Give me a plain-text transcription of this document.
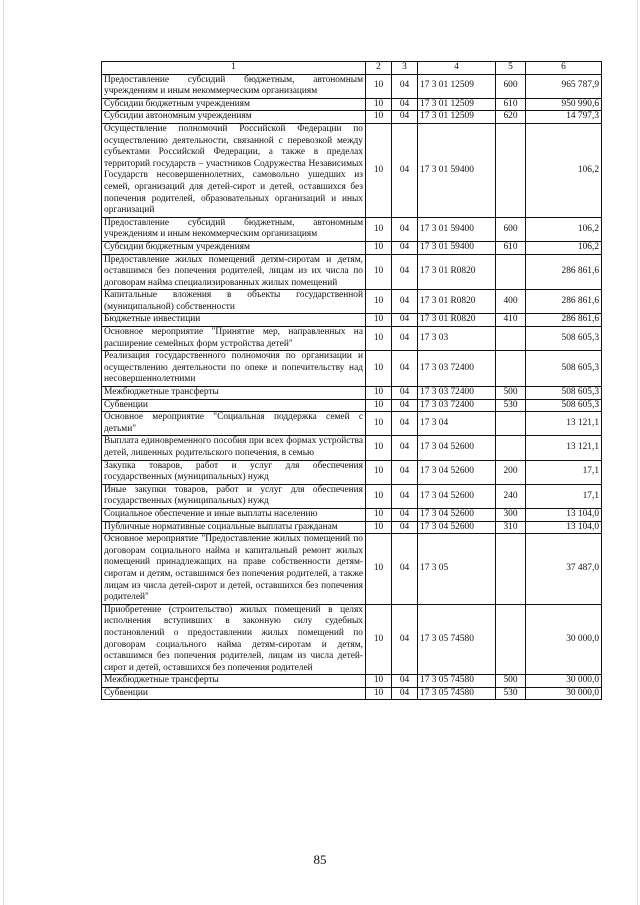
1	2	3	4	5	6
Предоставление субсидий бюджетным, автономным учреждениям и иным некоммерческим организациям	10	04	17 3 01 12509	600	965 787,9
Субсидии бюджетным учреждениям	10	04	17 3 01 12509	610	950 990,6
Субсидии автономным учреждениям	10	04	17 3 01 12509	620	14 797,3
Осуществление полномочий Российской Федерации по осуществлению деятельности, связанной с перевозкой между субъектами Российской Федерации, а также в пределах территорий государств – участников Содружества Независимых Государств несовершеннолетних, самовольно ушедших из семей, организаций для детей-сирот и детей, оставшихся без попечения родителей, образовательных организаций и иных организаций	10	04	17 3 01 59400		106,2
Предоставление субсидий бюджетным, автономным учреждениям и иным некоммерческим организациям	10	04	17 3 01 59400	600	106,2
Субсидии бюджетным учреждениям	10	04	17 3 01 59400	610	106,2
Предоставление жилых помещений детям-сиротам и детям, оставшимся без попечения родителей, лицам из их числа по договорам найма специализированных жилых помещений	10	04	17 3 01 R0820		286 861,6
Капитальные вложения в объекты государственной (муниципальной) собственности	10	04	17 3 01 R0820	400	286 861,6
Бюджетные инвестиции	10	04	17 3 01 R0820	410	286 861,6
Основное мероприятие "Принятие мер, направленных на расширение семейных форм устройства детей"	10	04	17 3 03		508 605,3
Реализация государственного полномочия по организации и осуществлению деятельности по опеке и попечительству над несовершеннолетними	10	04	17 3 03 72400		508 605,3
Межбюджетные трансферты	10	04	17 3 03 72400	500	508 605,3
Субвенции	10	04	17 3 03 72400	530	508 605,3
Основное мероприятие "Социальная поддержка семей с детьми"	10	04	17 3 04		13 121,1
Выплата единовременного пособия при всех формах устройства детей, лишенных родительского попечения, в семью	10	04	17 3 04 52600		13 121,1
Закупка товаров, работ и услуг для обеспечения государственных (муниципальных) нужд	10	04	17 3 04 52600	200	17,1
Иные закупки товаров, работ и услуг для обеспечения государственных (муниципальных) нужд	10	04	17 3 04 52600	240	17,1
Социальное обеспечение и иные выплаты населению	10	04	17 3 04 52600	300	13 104,0
Публичные нормативные социальные выплаты гражданам	10	04	17 3 04 52600	310	13 104,0
Основное мероприятие "Предоставление жилых помещений по договорам социального найма и капитальный ремонт жилых помещений принадлежащих на праве собственности детям-сиротам и детям, оставшимся без попечения родителей, а также лицам из числа детей-сирот и детей, оставшихся без попечения родителей"	10	04	17 3 05		37 487,0
Приобретение (строительство) жилых помещений в целях исполнения вступивших в законную силу судебных постановлений о предоставлении жилых помещений по договорам социального найма детям-сиротам и детям, оставшимся без попечения родителей, лицам из числа детей-сирот и детей, оставшихся без попечения родителей	10	04	17 3 05 74580		30 000,0
Межбюджетные трансферты	10	04	17 3 05 74580	500	30 000,0
Субвенции	10	04	17 3 05 74580	530	30 000,0
85
